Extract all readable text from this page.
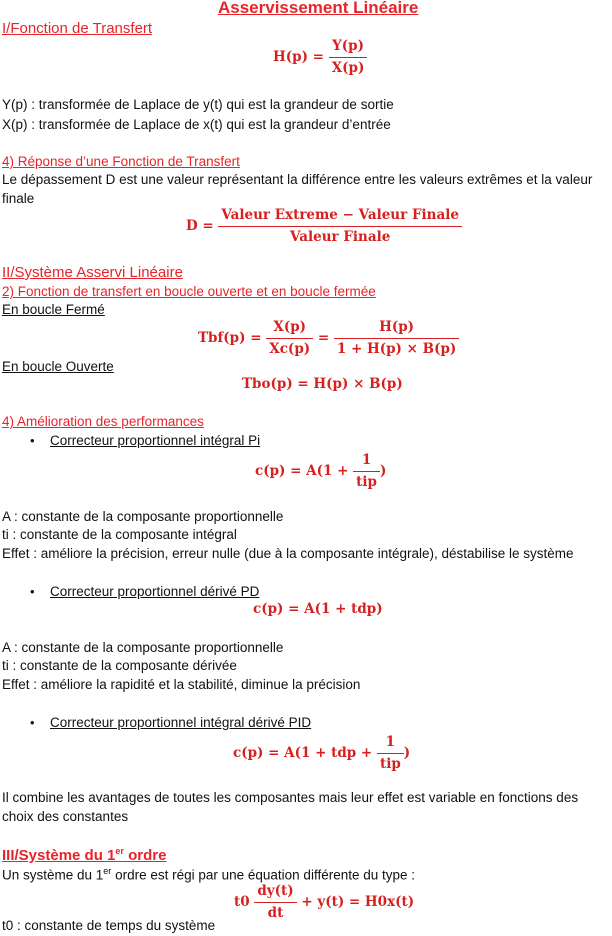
Asservissement Linéaire
I/Fonction de Transfert
$H(p) = \frac{Y(p)}{X(p)}$
Y(p) : transformée de Laplace de y(t) qui est la grandeur de sortie
X(p) : transformée de Laplace de x(t) qui est la grandeur d’entrée
4) Réponse d’une Fonction de Transfert
Le dépassement D est une valeur représentant la différence entre les valeurs extrêmes et la valeur
finale
$D = \frac{\text{Valeur Extreme − Valeur Finale}}{\text{Valeur Finale}}$
II/Système Asservi Linéaire
2) Fonction de transfert en boucle ouverte et en boucle fermée
En boucle Fermé
$Tbf(p) = \frac{X(p)}{Xc(p)} = \frac{H(p)}{1 + H(p) \times B(p)}$
En boucle Ouverte
Tbo(p) = H(p) × B(p)
4) Amélioration des performances
• Correcteur proportionnel intégral Pi
$c(p) = A(1 + \frac{1}{\text{tip}}$ )
A : constante de la composante proportionnelle
ti : constante de la composante intégral
Effet : améliore la précision, erreur nulle (due à la composante intégrale), déstabilise le système
• Correcteur proportionnel dérivé PD
c(p) = A(1 + tdp)
A : constante de la composante proportionnelle
ti : constante de la composante dérivée
Effet : améliore la rapidité et la stabilité, diminue la précision
• Correcteur proportionnel intégral dérivé PID
c(p) = A(1 + tdp + $\frac{1}{\text{tip}}$ )
Il combine les avantages de toutes les composantes mais leur effet est variable en fonctions des
choix des constantes
III/Système du 1er ordre
Un système du 1er ordre est régi par une équation différente du type :
$t0 \frac{dy(t)}{dt} + y(t) = H0x(t)$
t0 : constante de temps du système
